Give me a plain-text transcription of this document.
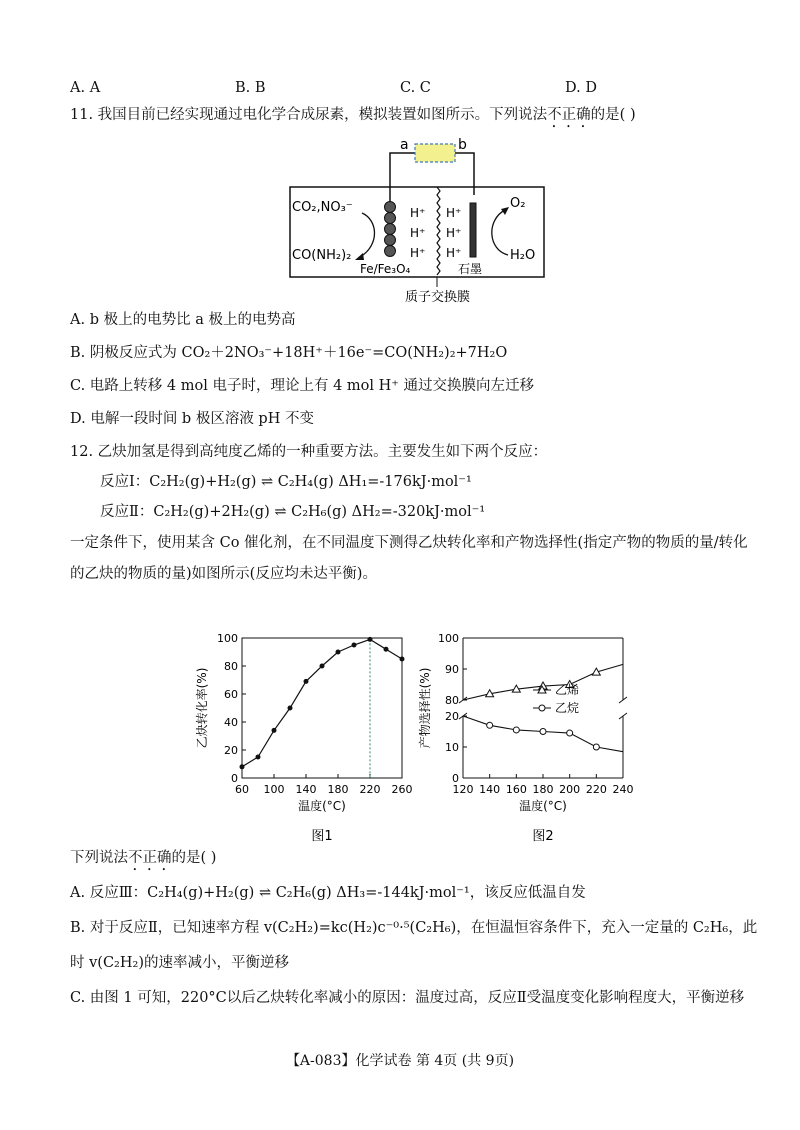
A. A	B. B	C. C	D. D
11. 我国目前已经实现通过电化学合成尿素，模拟装置如图所示。下列说法不正确的是( )
a	b
CO₂,NO₃⁻
CO(NH₂)₂
Fe/Fe₃O₄
H⁺
H⁺
H⁺
H⁺
H⁺
H⁺
O₂
H₂O
石墨
质子交换膜
A. b 极上的电势比 a 极上的电势高
B. 阴极反应式为 CO₂＋2NO₃⁻+18H⁺＋16e⁻=CO(NH₂)₂+7H₂O
C. 电路上转移 4 mol 电子时，理论上有 4 mol H⁺ 通过交换膜向左迁移
D. 电解一段时间 b 极区溶液 pH 不变
12. 乙炔加氢是得到高纯度乙烯的一种重要方法。主要发生如下两个反应：
反应Ⅰ：C₂H₂(g)+H₂(g) ⇌ C₂H₄(g) ΔH₁=-176kJ·mol⁻¹
反应Ⅱ：C₂H₂(g)+2H₂(g) ⇌ C₂H₆(g) ΔH₂=-320kJ·mol⁻¹
一定条件下，使用某含 Co 催化剂，在不同温度下测得乙炔转化率和产物选择性(指定产物的物质的量/转化
的乙炔的物质的量)如图所示(反应均未达平衡)。
60 100 140 180 220 260
0
20
40
60
80
100
温度(°C)
乙炔转化率(%)
图1
120 140 160 180 200 220 240
80
90
100
0
10
20
乙烯
乙烷
温度(°C)
产物选择性(%)
图2
下列说法不正确的是( )
A. 反应Ⅲ：C₂H₄(g)+H₂(g) ⇌ C₂H₆(g) ΔH₃=-144kJ·mol⁻¹，该反应低温自发
B. 对于反应Ⅱ，已知速率方程 v(C₂H₂)=kc(H₂)c⁻⁰·⁵(C₂H₆)，在恒温恒容条件下，充入一定量的 C₂H₆，此
时 v(C₂H₂)的速率减小，平衡逆移
C. 由图 1 可知，220°C以后乙炔转化率减小的原因：温度过高，反应Ⅱ受温度变化影响程度大，平衡逆移
【A-083】化学试卷 第 4页 (共 9页)
